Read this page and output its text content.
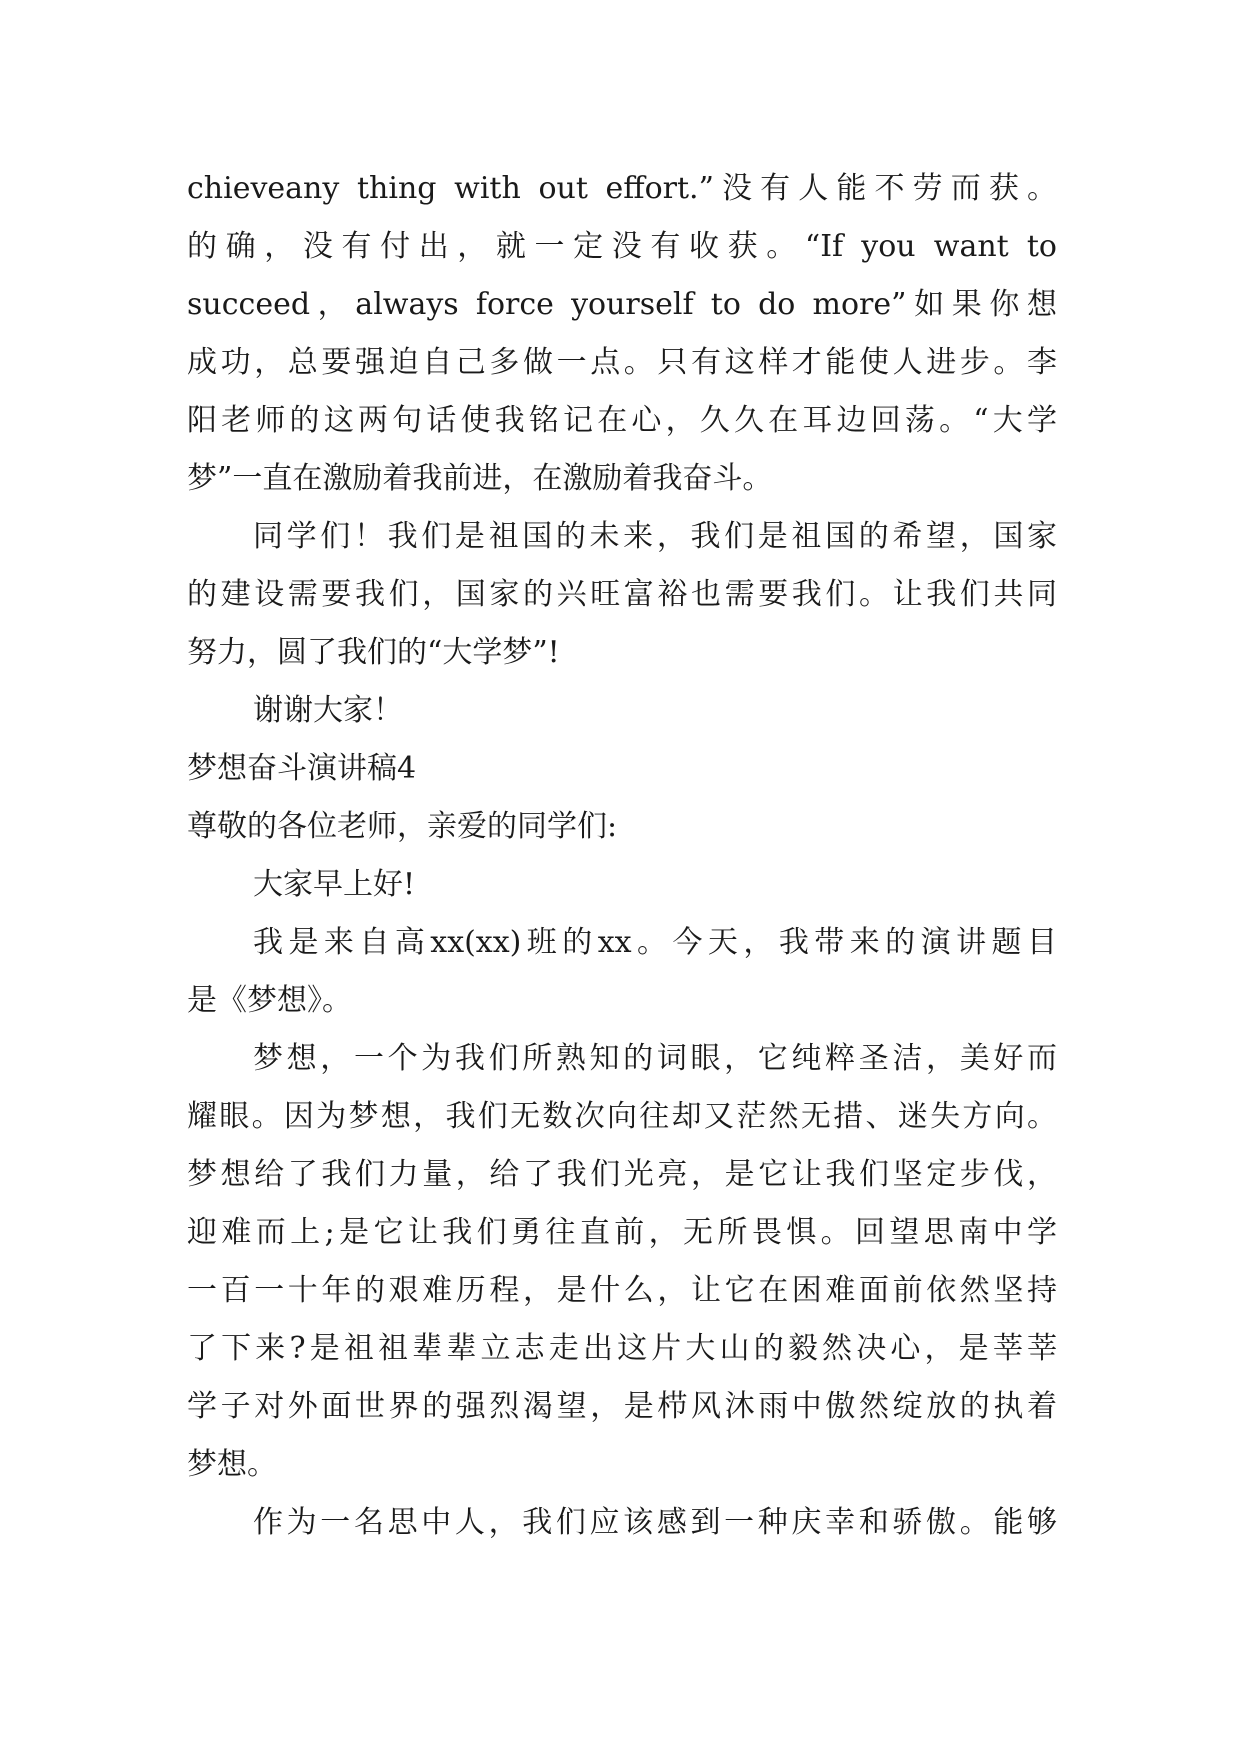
chieveany thing with out effort.”没有人能不劳而获。
的确，没有付出，就一定没有收获。“If you want to
succeed，always force yourself to do more”如果你想
成功，总要强迫自己多做一点。只有这样才能使人进步。李
阳老师的这两句话使我铭记在心，久久在耳边回荡。“大学
梦”一直在激励着我前进，在激励着我奋斗。
同学们！我们是祖国的未来，我们是祖国的希望，国家
的建设需要我们，国家的兴旺富裕也需要我们。让我们共同
努力，圆了我们的“大学梦”!
谢谢大家！
梦想奋斗演讲稿4
尊敬的各位老师，亲爱的同学们:
大家早上好!
我是来自高xx(xx)班的xx。今天，我带来的演讲题目
是《梦想》。
梦想，一个为我们所熟知的词眼，它纯粹圣洁，美好而
耀眼。因为梦想，我们无数次向往却又茫然无措、迷失方向。
梦想给了我们力量，给了我们光亮，是它让我们坚定步伐，
迎难而上;是它让我们勇往直前，无所畏惧。回望思南中学
一百一十年的艰难历程，是什么，让它在困难面前依然坚持
了下来?是祖祖辈辈立志走出这片大山的毅然决心，是莘莘
学子对外面世界的强烈渴望，是栉风沐雨中傲然绽放的执着
梦想。
作为一名思中人，我们应该感到一种庆幸和骄傲。能够
